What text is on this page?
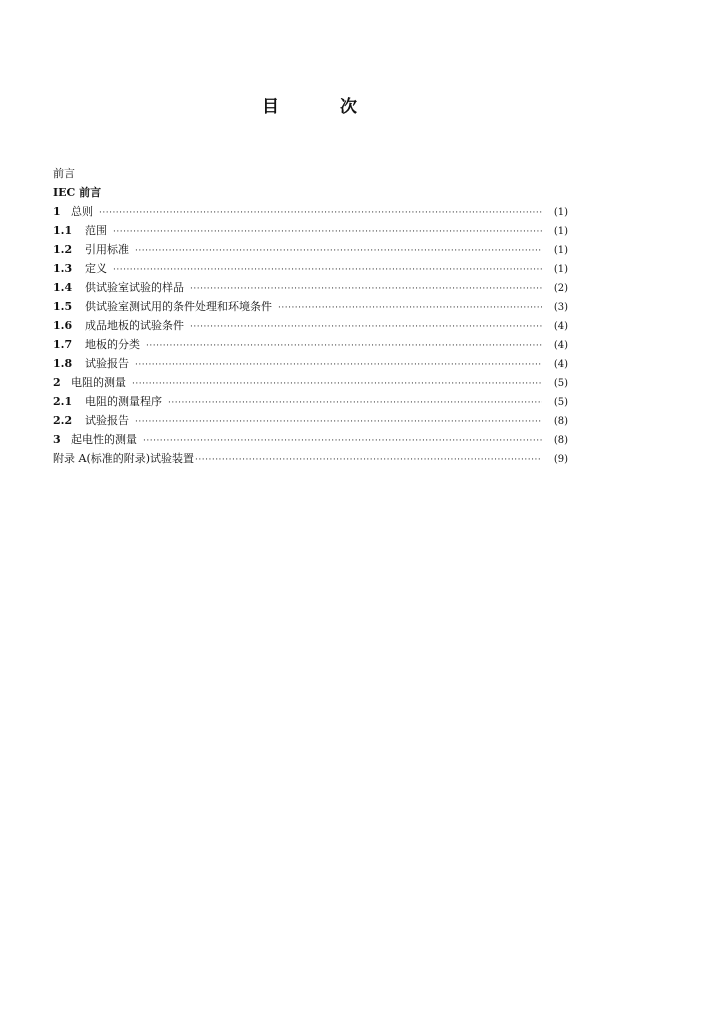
目	次
前言
IEC 前言
1 总则 ·····	(1)
1.1	范围 ·····	(1)
1.2	引用标准 ·····	(1)
1.3	定义 ·····	(1)
1.4	供试验室试验的样品 ·····	(2)
1.5	供试验室测试用的条件处理和环境条件 ·····	(3)
1.6	成品地板的试验条件 ·····	(4)
1.7	地板的分类 ·····	(4)
1.8	试验报告 ·····	(4)
2 电阻的测量 ·····	(5)
2.1	电阻的测量程序 ·····	(5)
2.2	试验报告 ·····	(8)
3 起电性的测量 ·····	(8)
附录 A(标准的附录)试验装置 ·····	(9)
